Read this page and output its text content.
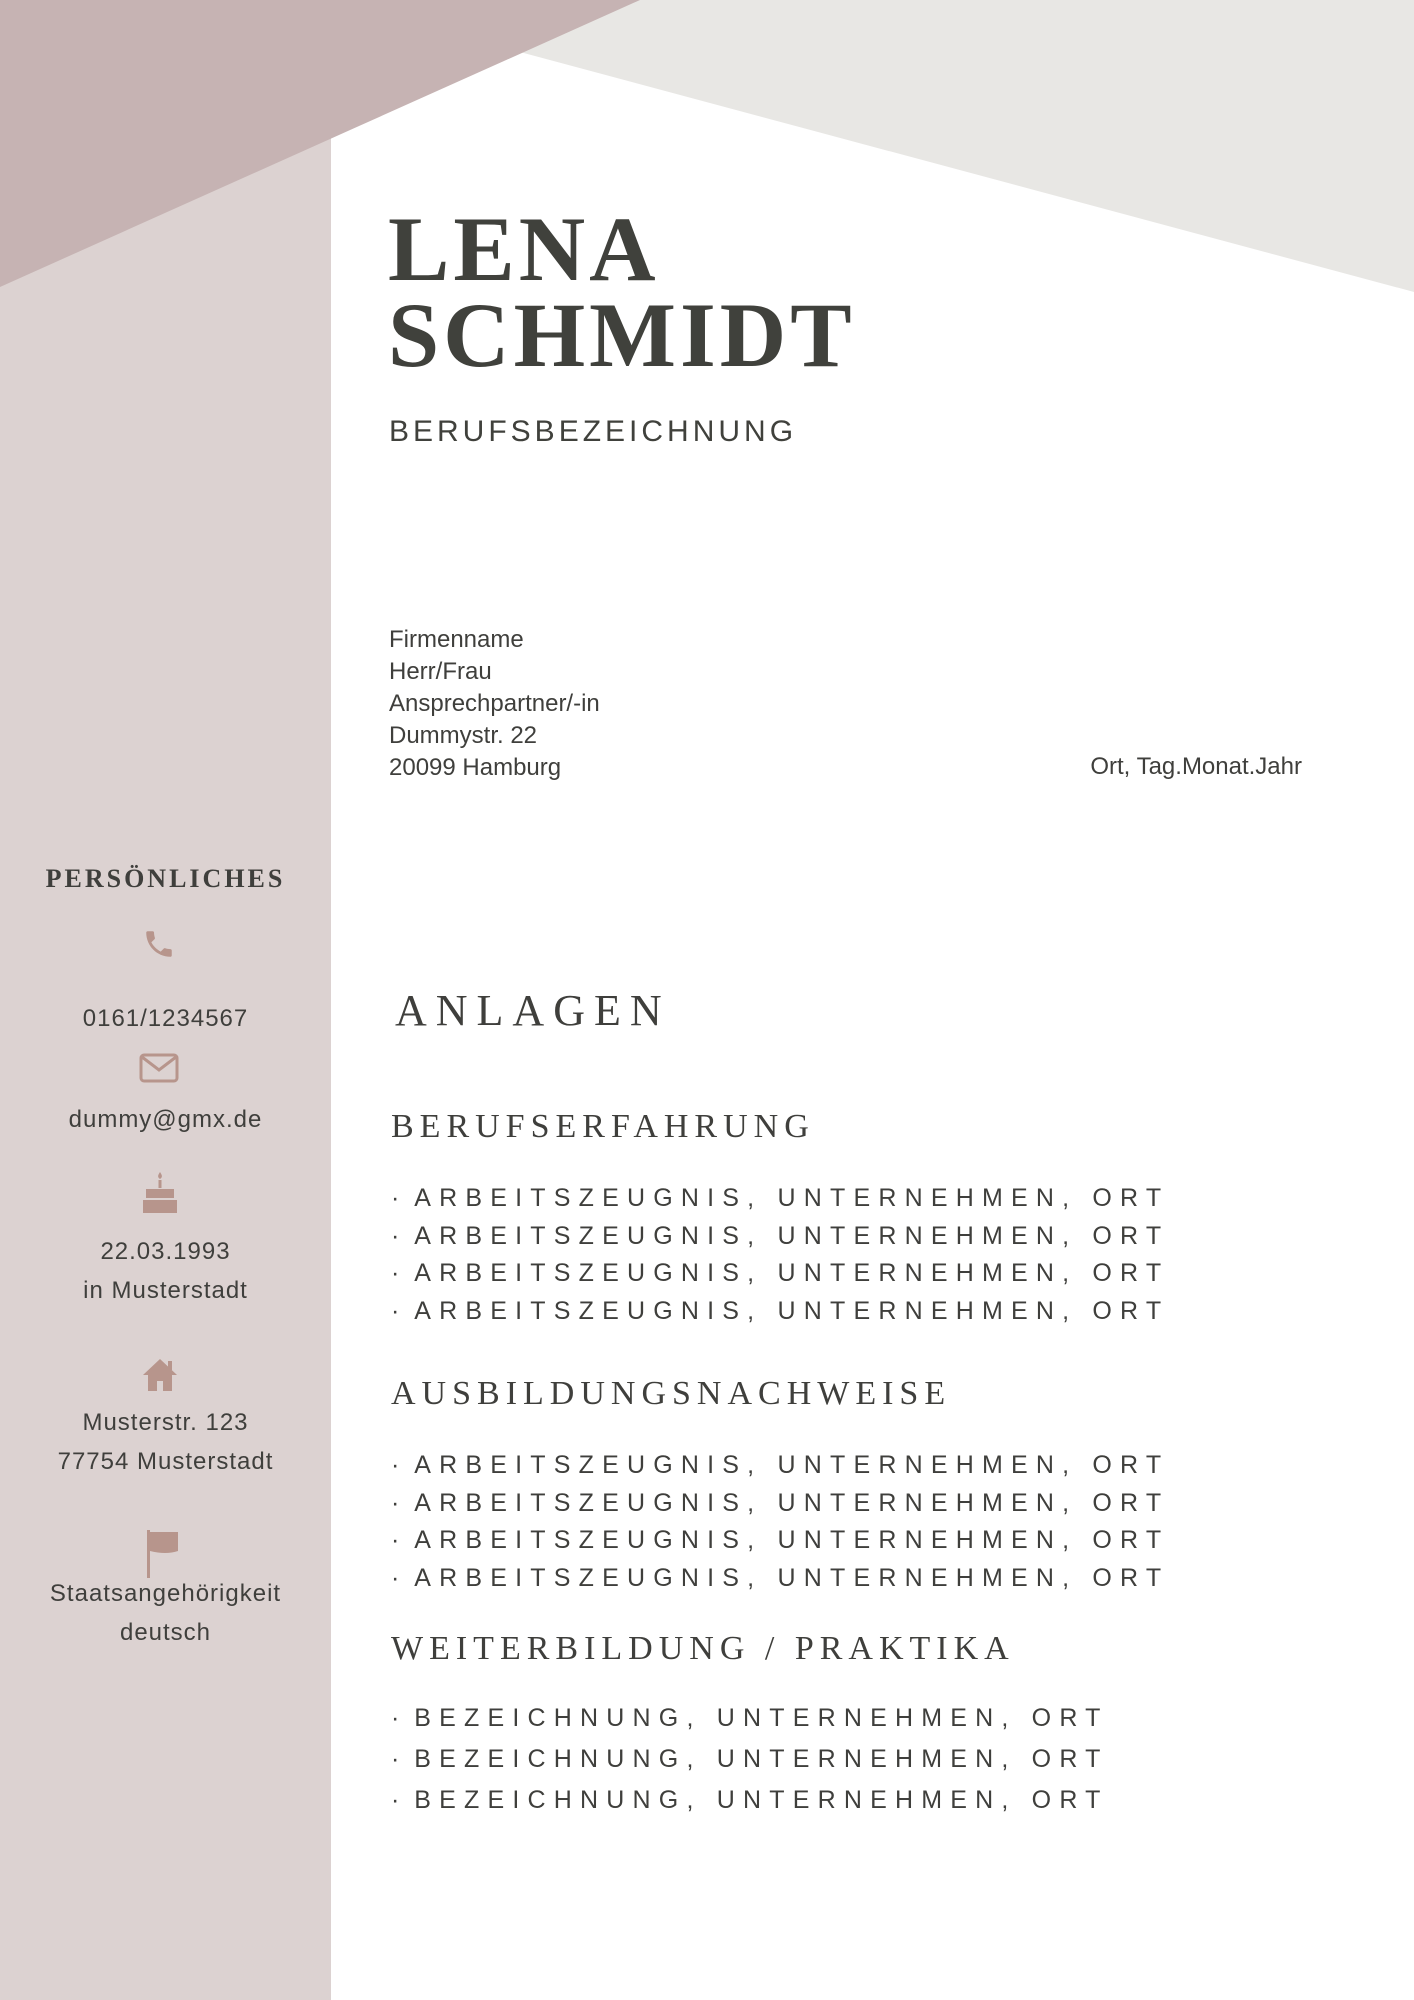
LENA
SCHMIDT
BERUFSBEZEICHNUNG
Firmenname
Herr/Frau
Ansprechpartner/-in
Dummystr. 22
20099 Hamburg	Ort, Tag.Monat.Jahr
PERSÖNLICHES
0161/1234567
dummy@gmx.de
22.03.1993
in Musterstadt
Musterstr. 123
77754 Musterstadt
Staatsangehörigkeit
deutsch
ANLAGEN
BERUFSERFAHRUNG
· ARBEITSZEUGNIS, UNTERNEHMEN, ORT
· ARBEITSZEUGNIS, UNTERNEHMEN, ORT
· ARBEITSZEUGNIS, UNTERNEHMEN, ORT
· ARBEITSZEUGNIS, UNTERNEHMEN, ORT
AUSBILDUNGSNACHWEISE
· ARBEITSZEUGNIS, UNTERNEHMEN, ORT
· ARBEITSZEUGNIS, UNTERNEHMEN, ORT
· ARBEITSZEUGNIS, UNTERNEHMEN, ORT
· ARBEITSZEUGNIS, UNTERNEHMEN, ORT
WEITERBILDUNG / PRAKTIKA
· BEZEICHNUNG, UNTERNEHMEN, ORT
· BEZEICHNUNG, UNTERNEHMEN, ORT
· BEZEICHNUNG, UNTERNEHMEN, ORT
